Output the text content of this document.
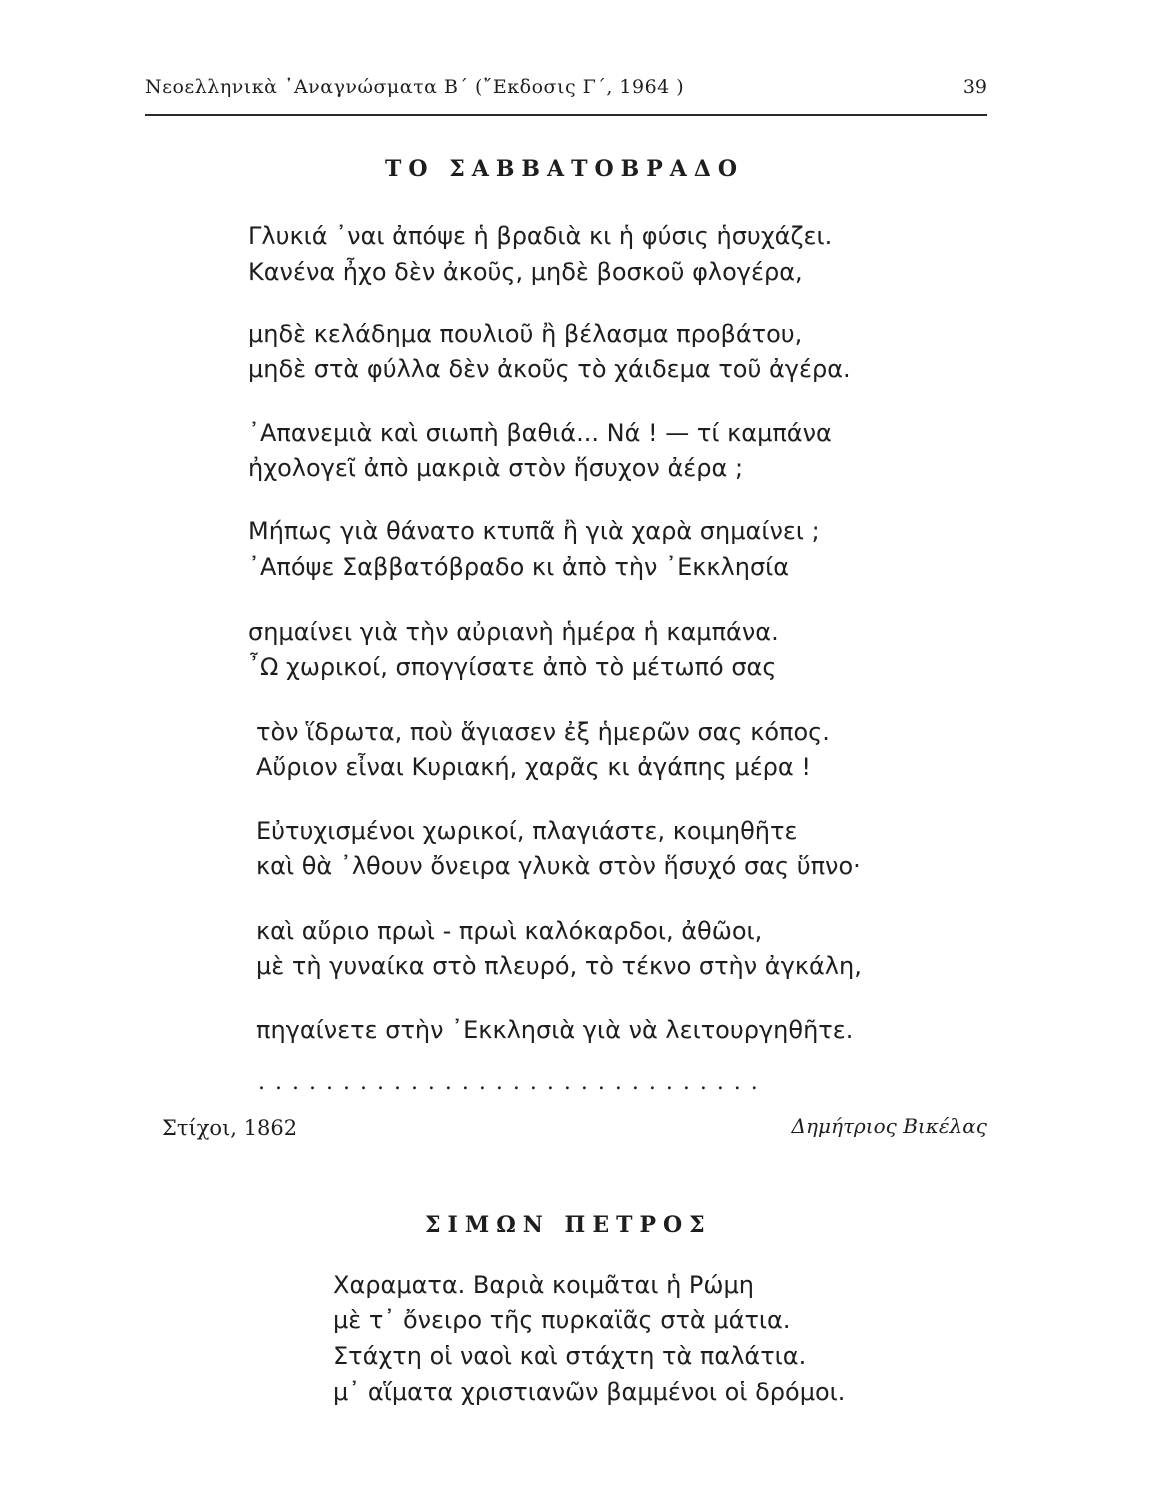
Νεοελληνικὰ ᾿Αναγνώσματα Β΄ (῎Εκδοσις Γ΄, 1964 )	39
ΤΟ ΣΑΒΒΑΤΟΒΡΑΔΟ
Γλυκιά ᾿ναι ἀπόψε ἡ βραδιὰ κι ἡ φύσις ἡσυχάζει.
Κανένα ἦχο δὲν ἀκοῦς, μηδὲ βοσκοῦ φλογέρα,
μηδὲ κελάδημα πουλιοῦ ἢ βέλασμα προβάτου,
μηδὲ στὰ φύλλα δὲν ἀκοῦς τὸ χάιδεμα τοῦ ἀγέρα.
᾿Απανεμιὰ καὶ σιωπὴ βαθιά... Νά ! — τί καμπάνα
ἠχολογεῖ ἀπὸ μακριὰ στὸν ἥσυχον ἀέρα ;
Μήπως γιὰ θάνατο κτυπᾶ ἢ γιὰ χαρὰ σημαίνει ;
᾿Απόψε Σαββατόβραδο κι ἀπὸ τὴν ᾿Εκκλησία
σημαίνει γιὰ τὴν αὐριανὴ ἡμέρα ἡ καμπάνα.
῏Ω χωρικοί, σπογγίσατε ἀπὸ τὸ μέτωπό σας
τὸν ἵδρωτα, ποὺ ἅγιασεν ἐξ ἡμερῶν σας κόπος.
Αὔριον εἶναι Κυριακή, χαρᾶς κι ἀγάπης μέρα !
Εὐτυχισμένοι χωρικοί, πλαγιάστε, κοιμηθῆτε
καὶ θὰ ᾿λθουν ὄνειρα γλυκὰ στὸν ἥσυχό σας ὕπνο·
καὶ αὔριο πρωὶ - πρωὶ καλόκαρδοι, ἀθῶοι,
μὲ τὴ γυναίκα στὸ πλευρό, τὸ τέκνο στὴν ἀγκάλη,
πηγαίνετε στὴν ᾿Εκκλησιὰ γιὰ νὰ λειτουργηθῆτε.
..............................
Στίχοι, 1862	Δημήτριος Βικέλας
ΣΙΜΩΝ ΠΕΤΡΟΣ
Χαραματα. Βαριὰ κοιμᾶται ἡ Ρώμη
μὲ τ᾿ ὄνειρο τῆς πυρκαϊᾶς στὰ μάτια.
Στάχτη οἱ ναοὶ καὶ στάχτη τὰ παλάτια.
μ᾿ αἵματα χριστιανῶν βαμμένοι οἱ δρόμοι.
